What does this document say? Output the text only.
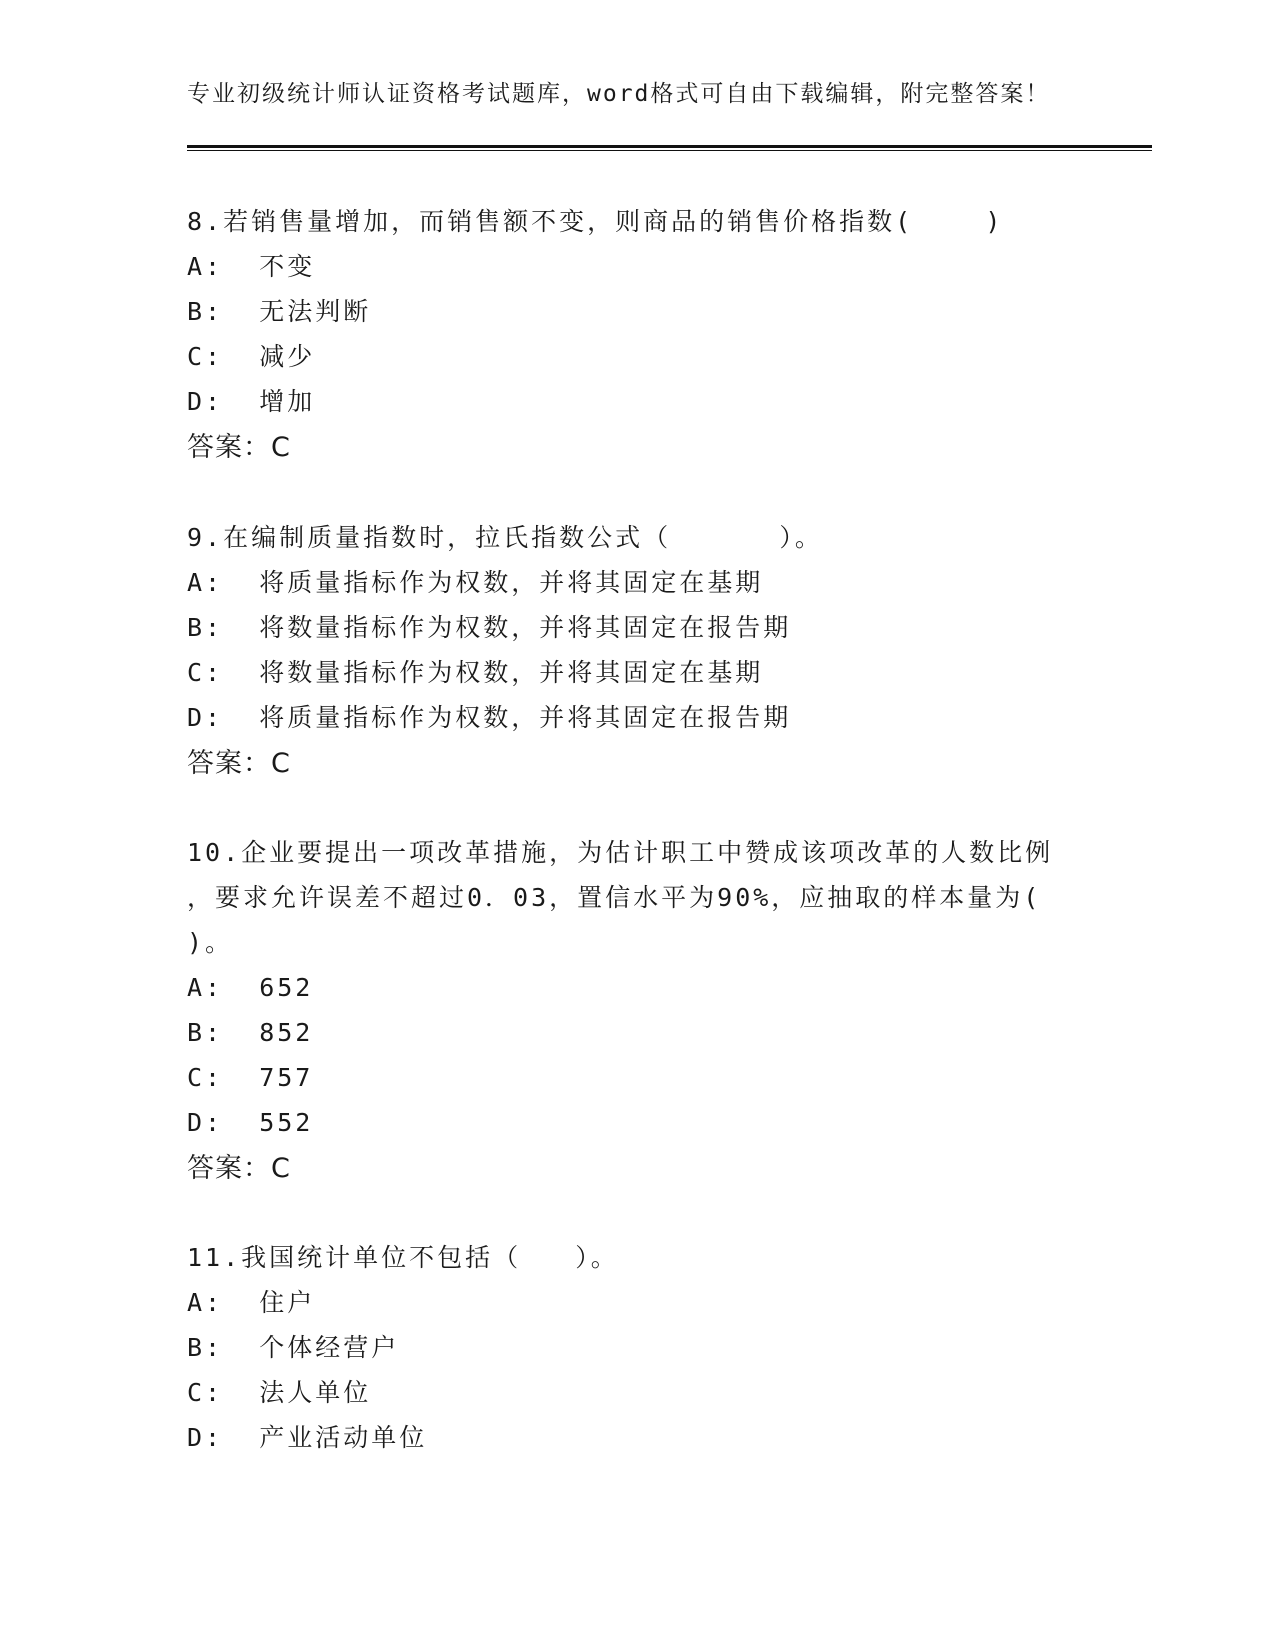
专业初级统计师认证资格考试题库，word格式可自由下载编辑，附完整答案！
8.若销售量增加，而销售额不变，则商品的销售价格指数(    )
A:  不变
B:  无法判断
C:  减少
D:  增加
答案：C
9.在编制质量指数时，拉氏指数公式（      ）。
A:  将质量指标作为权数，并将其固定在基期
B:  将数量指标作为权数，并将其固定在报告期
C:  将数量指标作为权数，并将其固定在基期
D:  将质量指标作为权数，并将其固定在报告期
答案：C
10.企业要提出一项改革措施，为估计职工中赞成该项改革的人数比例
，要求允许误差不超过0．03，置信水平为90%，应抽取的样本量为(
)。
A:  652
B:  852
C:  757
D:  552
答案：C
11.我国统计单位不包括（   ）。
A:  住户
B:  个体经营户
C:  法人单位
D:  产业活动单位
